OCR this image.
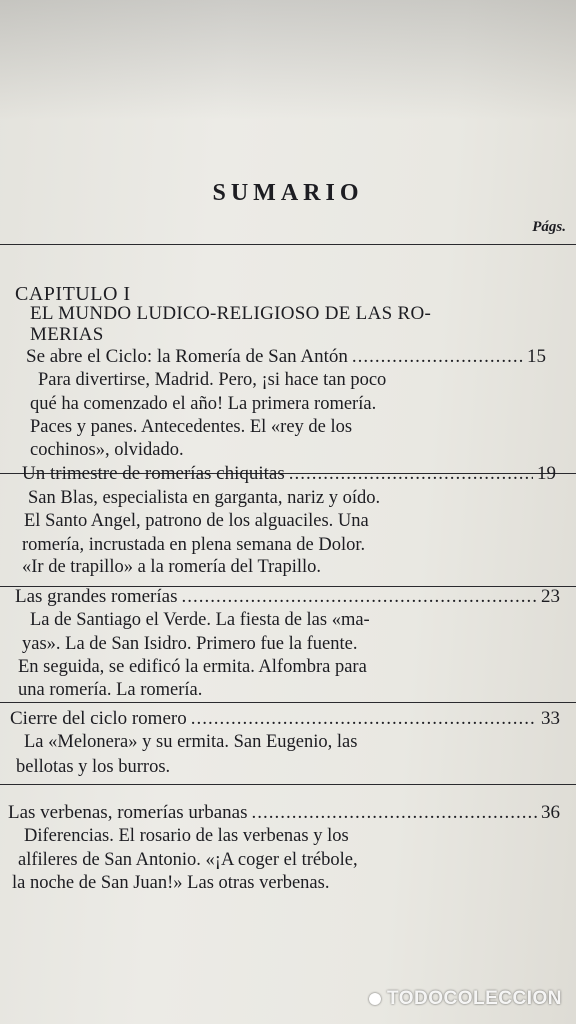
SUMARIO
Págs.
CAPITULO I
EL MUNDO LUDICO-RELIGIOSO DE LAS RO-
MERIAS
Se abre el Ciclo: la Romería de San Antón .....	15
Para divertirse, Madrid. Pero, ¡si hace tan poco
qué ha comenzado el año! La primera romería.
Paces y panes. Antecedentes. El «rey de los
cochinos», olvidado.
Un trimestre de romerías chiquitas .....	19
San Blas, especialista en garganta, nariz y oído.
El Santo Angel, patrono de los alguaciles. Una
romería, incrustada en plena semana de Dolor.
«Ir de trapillo» a la romería del Trapillo.
Las grandes romerías .....	23
La de Santiago el Verde. La fiesta de las «ma-
yas». La de San Isidro. Primero fue la fuente.
En seguida, se edificó la ermita. Alfombra para
una romería. La romería.
Cierre del ciclo romero .....	33
La «Melonera» y su ermita. San Eugenio, las
bellotas y los burros.
Las verbenas, romerías urbanas .....	36
Diferencias. El rosario de las verbenas y los
alfileres de San Antonio. «¡A coger el trébole,
la noche de San Juan!» Las otras verbenas.
TODOCOLECCION
